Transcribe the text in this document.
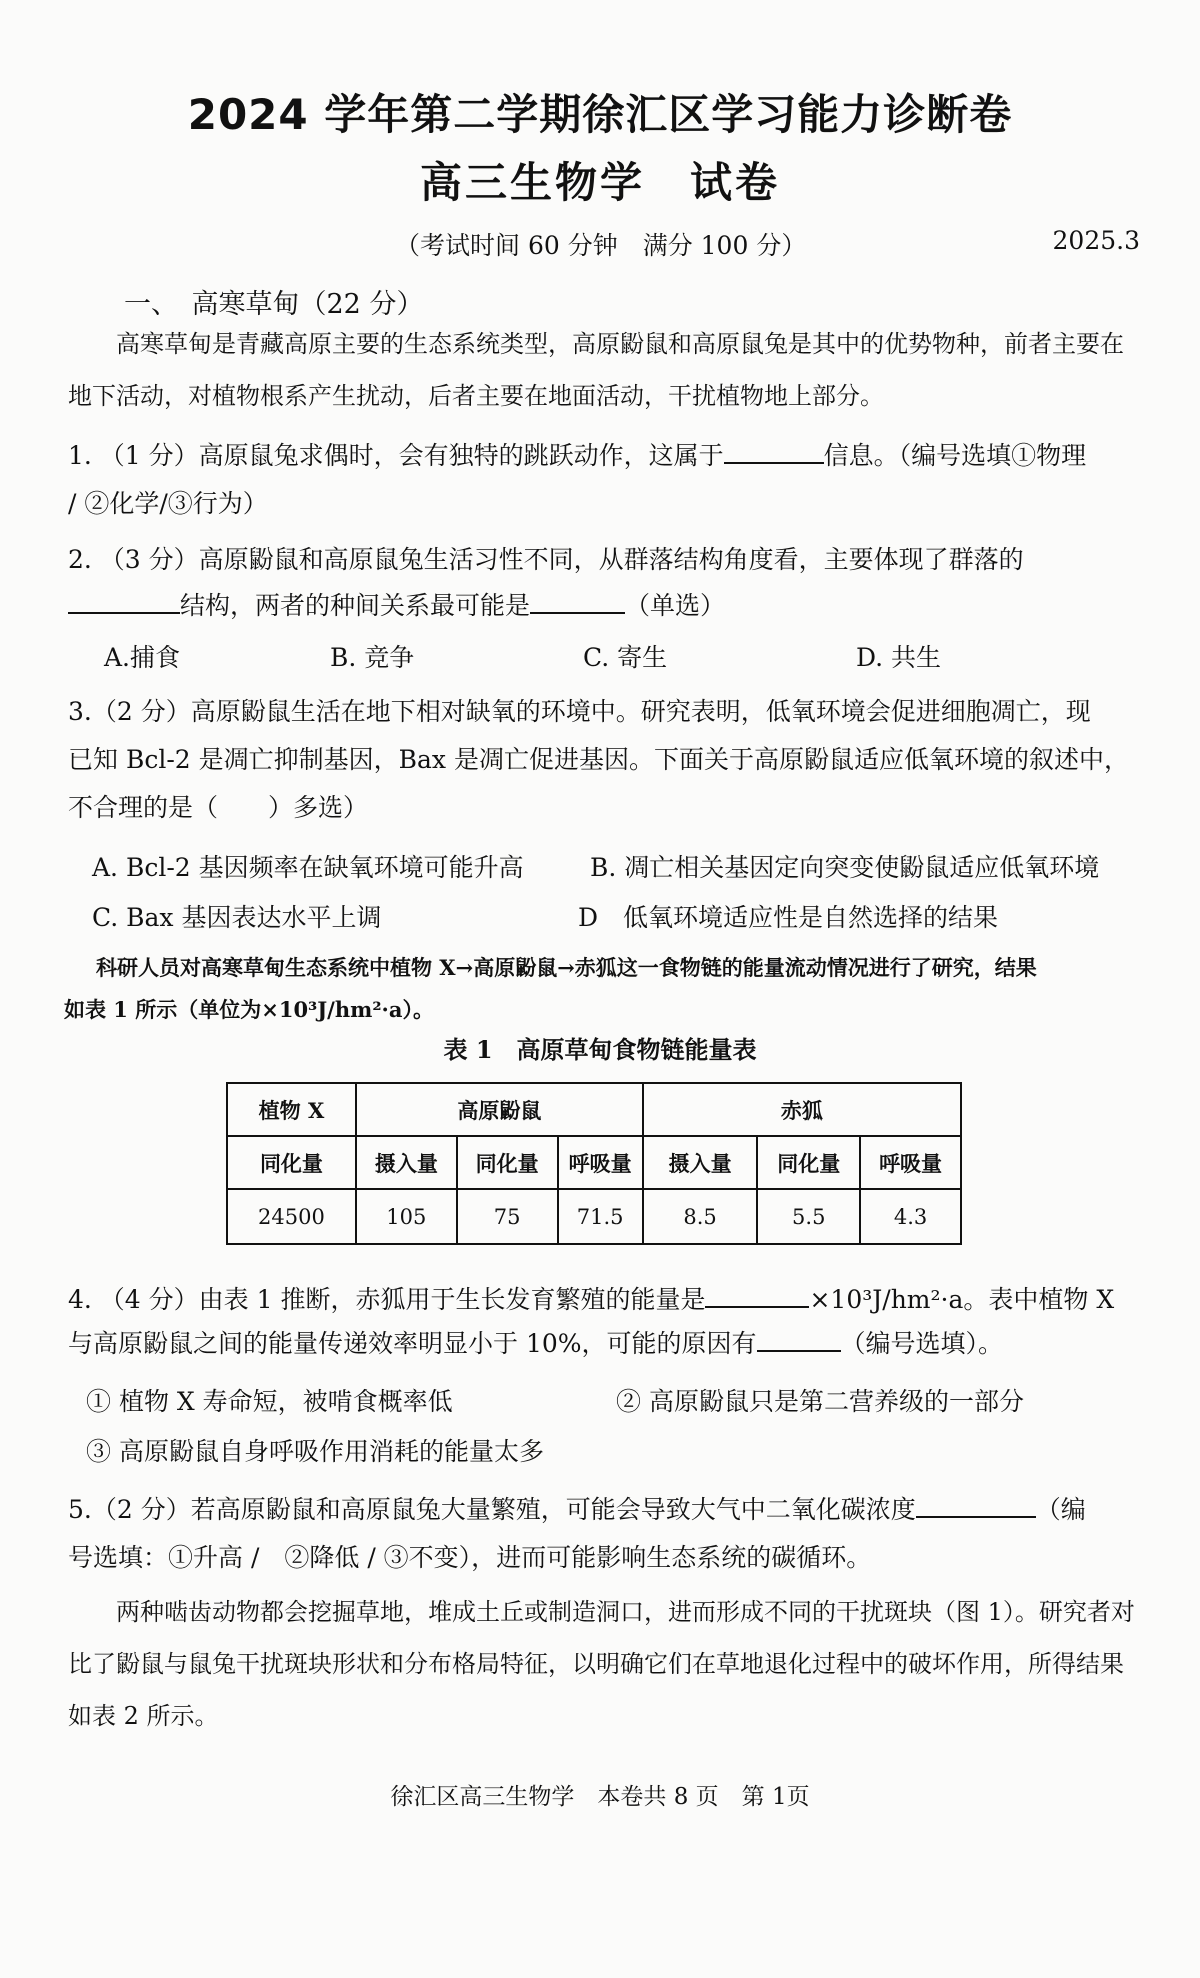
2024 学年第二学期徐汇区学习能力诊断卷
高三生物学　试卷
（考试时间 60 分钟　满分 100 分）	2025.3
一、　高寒草甸（22 分）
高寒草甸是青藏高原主要的生态系统类型，高原鼢鼠和高原鼠兔是其中的优势物种，前者主要在地下活动，对植物根系产生扰动，后者主要在地面活动，干扰植物地上部分。
1. （1 分）高原鼠兔求偶时，会有独特的跳跃动作，这属于	信息。（编号选填①物理
/ ②化学/③行为）
2. （3 分）高原鼢鼠和高原鼠兔生活习性不同，从群落结构角度看，主要体现了群落的
结构，两者的种间关系最可能是	（单选）
A.捕食	B. 竞争	C. 寄生	D. 共生
3.（2 分）高原鼢鼠生活在地下相对缺氧的环境中。研究表明，低氧环境会促进细胞凋亡，现
已知 Bcl-2 是凋亡抑制基因，Bax 是凋亡促进基因。下面关于高原鼢鼠适应低氧环境的叙述中，
不合理的是（　　）多选）
A. Bcl-2 基因频率在缺氧环境可能升高	B. 凋亡相关基因定向突变使鼢鼠适应低氧环境
C. Bax 基因表达水平上调	D　低氧环境适应性是自然选择的结果
科研人员对高寒草甸生态系统中植物 X→高原鼢鼠→赤狐这一食物链的能量流动情况进行了研究，结果
如表 1 所示（单位为×10³J/hm²·a）。
表 1　高原草甸食物链能量表
植物 X	高原鼢鼠			赤狐		
同化量	摄入量	同化量	呼吸量	摄入量	同化量	呼吸量
24500	105	75	71.5	8.5	5.5	4.3
4. （4 分）由表 1 推断，赤狐用于生长发育繁殖的能量是	×10³J/hm²·a。表中植物 X
与高原鼢鼠之间的能量传递效率明显小于 10%，可能的原因有	（编号选填）。
① 植物 X 寿命短，被啃食概率低	② 高原鼢鼠只是第二营养级的一部分
③ 高原鼢鼠自身呼吸作用消耗的能量太多
5.（2 分）若高原鼢鼠和高原鼠兔大量繁殖，可能会导致大气中二氧化碳浓度	（编
号选填：①升高 /　②降低 / ③不变），进而可能影响生态系统的碳循环。
两种啮齿动物都会挖掘草地，堆成土丘或制造洞口，进而形成不同的干扰斑块（图 1）。研究者对比了鼢鼠与鼠兔干扰斑块形状和分布格局特征，以明确它们在草地退化过程中的破坏作用，所得结果如表 2 所示。
徐汇区高三生物学　本卷共 8 页　第 1页
